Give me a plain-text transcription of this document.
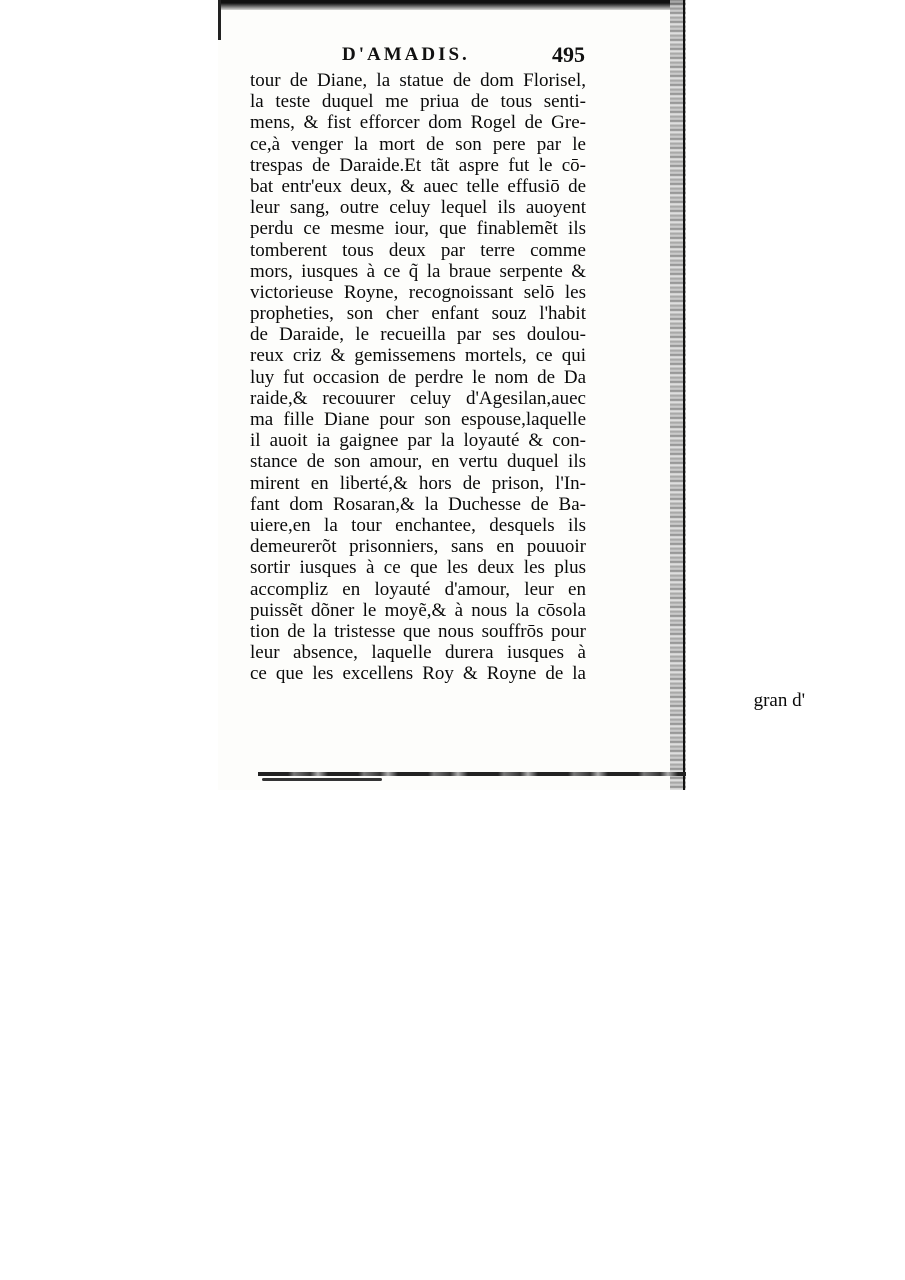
D'AMADIS.	495
tour de Diane, la statue de dom Florisel,
la teste duquel me priua de tous senti-
mens, & fist efforcer dom Rogel de Gre-
ce,à venger la mort de son pere par le
trespas de Daraide.Et tãt aspre fut le cō-
bat entr'eux deux, & auec telle effusiō de
leur sang, outre celuy lequel ils auoyent
perdu ce mesme iour, que finablemẽt ils
tomberent tous deux par terre comme
mors, iusques à ce q̃ la braue serpente &
victorieuse Royne, recognoissant selō les
propheties, son cher enfant souz l'habit
de Daraide, le recueilla par ses doulou-
reux criz & gemissemens mortels, ce qui
luy fut occasion de perdre le nom de Da
raide,& recouurer celuy d'Agesilan,auec
ma fille Diane pour son espouse,laquelle
il auoit ia gaignee par la loyauté & con-
stance de son amour, en vertu duquel ils
mirent en liberté,& hors de prison, l'In-
fant dom Rosaran,& la Duchesse de Ba-
uiere,en la tour enchantee, desquels ils
demeurerõt prisonniers, sans en pouuoir
sortir iusques à ce que les deux les plus
accompliz en loyauté d'amour, leur en
puissẽt dõner le moyẽ,& à nous la cōsola
tion de la tristesse que nous souffrōs pour
leur absence, laquelle durera iusques à
ce que les excellens Roy & Royne de la
gran d'
